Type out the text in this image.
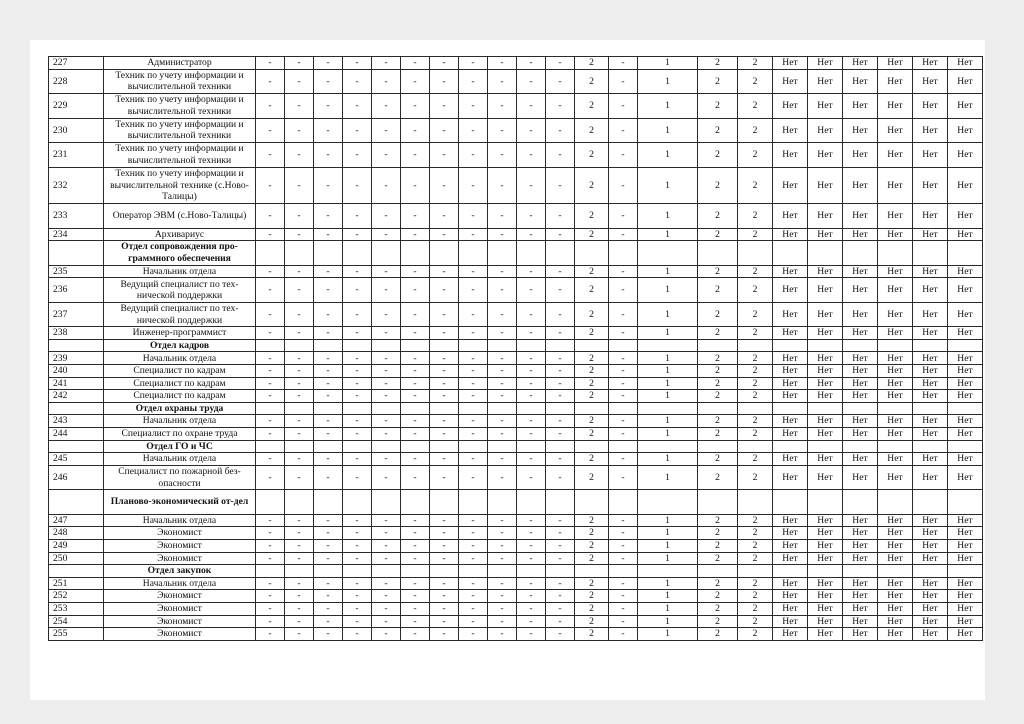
227	Администратор	-	-	-	-	-	-	-	-	-	-	-	2	-	1	2	2	Нет	Нет	Нет	Нет	Нет	Нет
228	Техник по учету информации и вычислительной техники	-	-	-	-	-	-	-	-	-	-	-	2	-	1	2	2	Нет	Нет	Нет	Нет	Нет	Нет
229	Техник по учету информации и вычислительной техники	-	-	-	-	-	-	-	-	-	-	-	2	-	1	2	2	Нет	Нет	Нет	Нет	Нет	Нет
230	Техник по учету информации и вычислительной техники	-	-	-	-	-	-	-	-	-	-	-	2	-	1	2	2	Нет	Нет	Нет	Нет	Нет	Нет
231	Техник по учету информации и вычислительной техники	-	-	-	-	-	-	-	-	-	-	-	2	-	1	2	2	Нет	Нет	Нет	Нет	Нет	Нет
232	Техник по учету информации и вычислительной технике (с.Ново-Талицы)	-	-	-	-	-	-	-	-	-	-	-	2	-	1	2	2	Нет	Нет	Нет	Нет	Нет	Нет
233	Оператор ЭВМ (с.Ново-Талицы)	-	-	-	-	-	-	-	-	-	-	-	2	-	1	2	2	Нет	Нет	Нет	Нет	Нет	Нет
234	Архивариус	-	-	-	-	-	-	-	-	-	-	-	2	-	1	2	2	Нет	Нет	Нет	Нет	Нет	Нет
	Отдел сопровождения про-граммного обеспечения																						
235	Начальник отдела	-	-	-	-	-	-	-	-	-	-	-	2	-	1	2	2	Нет	Нет	Нет	Нет	Нет	Нет
236	Ведущий специалист по тех-нической поддержки	-	-	-	-	-	-	-	-	-	-	-	2	-	1	2	2	Нет	Нет	Нет	Нет	Нет	Нет
237	Ведущий специалист по тех-нической поддержки	-	-	-	-	-	-	-	-	-	-	-	2	-	1	2	2	Нет	Нет	Нет	Нет	Нет	Нет
238	Инженер-программист	-	-	-	-	-	-	-	-	-	-	-	2	-	1	2	2	Нет	Нет	Нет	Нет	Нет	Нет
	Отдел кадров																						
239	Начальник отдела	-	-	-	-	-	-	-	-	-	-	-	2	-	1	2	2	Нет	Нет	Нет	Нет	Нет	Нет
240	Специалист по кадрам	-	-	-	-	-	-	-	-	-	-	-	2	-	1	2	2	Нет	Нет	Нет	Нет	Нет	Нет
241	Специалист по кадрам	-	-	-	-	-	-	-	-	-	-	-	2	-	1	2	2	Нет	Нет	Нет	Нет	Нет	Нет
242	Специалист по кадрам	-	-	-	-	-	-	-	-	-	-	-	2	-	1	2	2	Нет	Нет	Нет	Нет	Нет	Нет
	Отдел охраны труда																						
243	Начальник отдела	-	-	-	-	-	-	-	-	-	-	-	2	-	1	2	2	Нет	Нет	Нет	Нет	Нет	Нет
244	Специалист по охране труда	-	-	-	-	-	-	-	-	-	-	-	2	-	1	2	2	Нет	Нет	Нет	Нет	Нет	Нет
	Отдел ГО и ЧС																						
245	Начальник отдела	-	-	-	-	-	-	-	-	-	-	-	2	-	1	2	2	Нет	Нет	Нет	Нет	Нет	Нет
246	Специалист по пожарной без-опасности	-	-	-	-	-	-	-	-	-	-	-	2	-	1	2	2	Нет	Нет	Нет	Нет	Нет	Нет
	Планово-экономический от-дел																						
247	Начальник отдела	-	-	-	-	-	-	-	-	-	-	-	2	-	1	2	2	Нет	Нет	Нет	Нет	Нет	Нет
248	Экономист	-	-	-	-	-	-	-	-	-	-	-	2	-	1	2	2	Нет	Нет	Нет	Нет	Нет	Нет
249	Экономист	-	-	-	-	-	-	-	-	-	-	-	2	-	1	2	2	Нет	Нет	Нет	Нет	Нет	Нет
250	Экономист	-	-	-	-	-	-	-	-	-	-	-	2	-	1	2	2	Нет	Нет	Нет	Нет	Нет	Нет
	Отдел закупок																						
251	Начальник отдела	-	-	-	-	-	-	-	-	-	-	-	2	-	1	2	2	Нет	Нет	Нет	Нет	Нет	Нет
252	Экономист	-	-	-	-	-	-	-	-	-	-	-	2	-	1	2	2	Нет	Нет	Нет	Нет	Нет	Нет
253	Экономист	-	-	-	-	-	-	-	-	-	-	-	2	-	1	2	2	Нет	Нет	Нет	Нет	Нет	Нет
254	Экономист	-	-	-	-	-	-	-	-	-	-	-	2	-	1	2	2	Нет	Нет	Нет	Нет	Нет	Нет
255	Экономист	-	-	-	-	-	-	-	-	-	-	-	2	-	1	2	2	Нет	Нет	Нет	Нет	Нет	Нет
